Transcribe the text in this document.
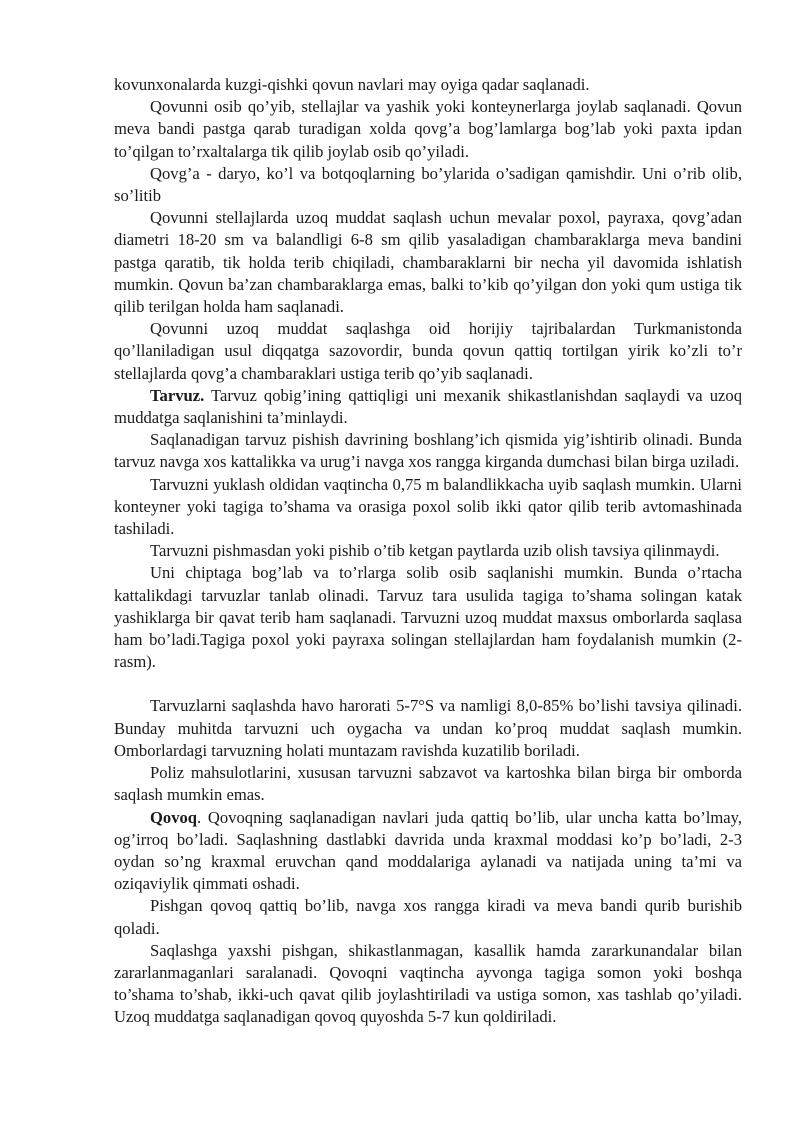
kovunxonalarda kuzgi-qishki qovun navlari may oyiga qadar saqlanadi.

Qovunni osib qo’yib, stellajlar va yashik yoki konteynerlarga joylab saqlanadi. Qovun meva bandi pastga qarab turadigan xolda qovg’a bog’lamlarga bog’lab yoki paxta ipdan to’qilgan to’rxaltalarga tik qilib joylab osib qo’yiladi.

Qovg’a - daryo, ko’l va botqoqlarning bo’ylarida o’sadigan qamishdir. Uni o’rib olib, so’litib

Qovunni stellajlarda uzoq muddat saqlash uchun mevalar poxol, payraxa, qovg’adan diametri 18-20 sm va balandligi 6-8 sm qilib yasaladigan chambaraklarga meva bandini pastga qaratib, tik holda terib chiqiladi, chambaraklarni bir necha yil davomida ishlatish mumkin. Qovun ba’zan chambaraklarga emas, balki to’kib qo’yilgan don yoki qum ustiga tik qilib terilgan holda ham saqlanadi.

Qovunni uzoq muddat saqlashga oid horijiy tajribalardan Turkmanistonda qo’llaniladigan usul diqqatga sazovordir, bunda qovun qattiq tortilgan yirik ko’zli to’r stellajlarda qovg’a chambaraklari ustiga terib qo’yib saqlanadi.

Tarvuz. Tarvuz qobig’ining qattiqligi uni mexanik shikastlanishdan saqlaydi va uzoq muddatga saqlanishini ta’minlaydi.

Saqlanadigan tarvuz pishish davrining boshlang’ich qismida yig’ishtirib olinadi. Bunda tarvuz navga xos kattalikka va urug’i navga xos rangga kirganda dumchasi bilan birga uziladi.

Tarvuzni yuklash oldidan vaqtincha 0,75 m balandlikkacha uyib saqlash mumkin. Ularni konteyner yoki tagiga to’shama va orasiga poxol solib ikki qator qilib terib avtomashinada tashiladi.

Tarvuzni pishmasdan yoki pishib o’tib ketgan paytlarda uzib olish tavsiya qilinmaydi.

Uni chiptaga bog’lab va to’rlarga solib osib saqlanishi mumkin. Bunda o’rtacha kattalikdagi tarvuzlar tanlab olinadi. Tarvuz tara usulida tagiga to’shama solingan katak yashiklarga bir qavat terib ham saqlanadi. Tarvuzni uzoq muddat maxsus omborlarda saqlasa ham bo’ladi.Tagiga poxol yoki payraxa solingan stellajlardan ham foydalanish mumkin (2-rasm).

Tarvuzlarni saqlashda havo harorati 5-7°S va namligi 8,0-85% bo’lishi tavsiya qilinadi. Bunday muhitda tarvuzni uch oygacha va undan ko’proq muddat saqlash mumkin. Omborlardagi tarvuzning holati muntazam ravishda kuzatilib boriladi.

Poliz mahsulotlarini, xususan tarvuzni sabzavot va kartoshka bilan birga bir omborda saqlash mumkin emas.

Qovoq. Qovoqning saqlanadigan navlari juda qattiq bo’lib, ular uncha katta bo’lmay, og’irroq bo’ladi. Saqlashning dastlabki davrida unda kraxmal moddasi ko’p bo’ladi, 2-3 oydan so’ng kraxmal eruvchan qand moddalariga aylanadi va natijada uning ta’mi va oziqaviylik qimmati oshadi.

Pishgan qovoq qattiq bo’lib, navga xos rangga kiradi va meva bandi qurib burishib qoladi.

Saqlashga yaxshi pishgan, shikastlanmagan, kasallik hamda zararkunandalar bilan zararlanmaganlari saralanadi. Qovoqni vaqtincha ayvonga tagiga somon yoki boshqa to’shama to’shab, ikki-uch qavat qilib joylashtiriladi va ustiga somon, xas tashlab qo’yiladi. Uzoq muddatga saqlanadigan qovoq quyoshda 5-7 kun qoldiriladi.
